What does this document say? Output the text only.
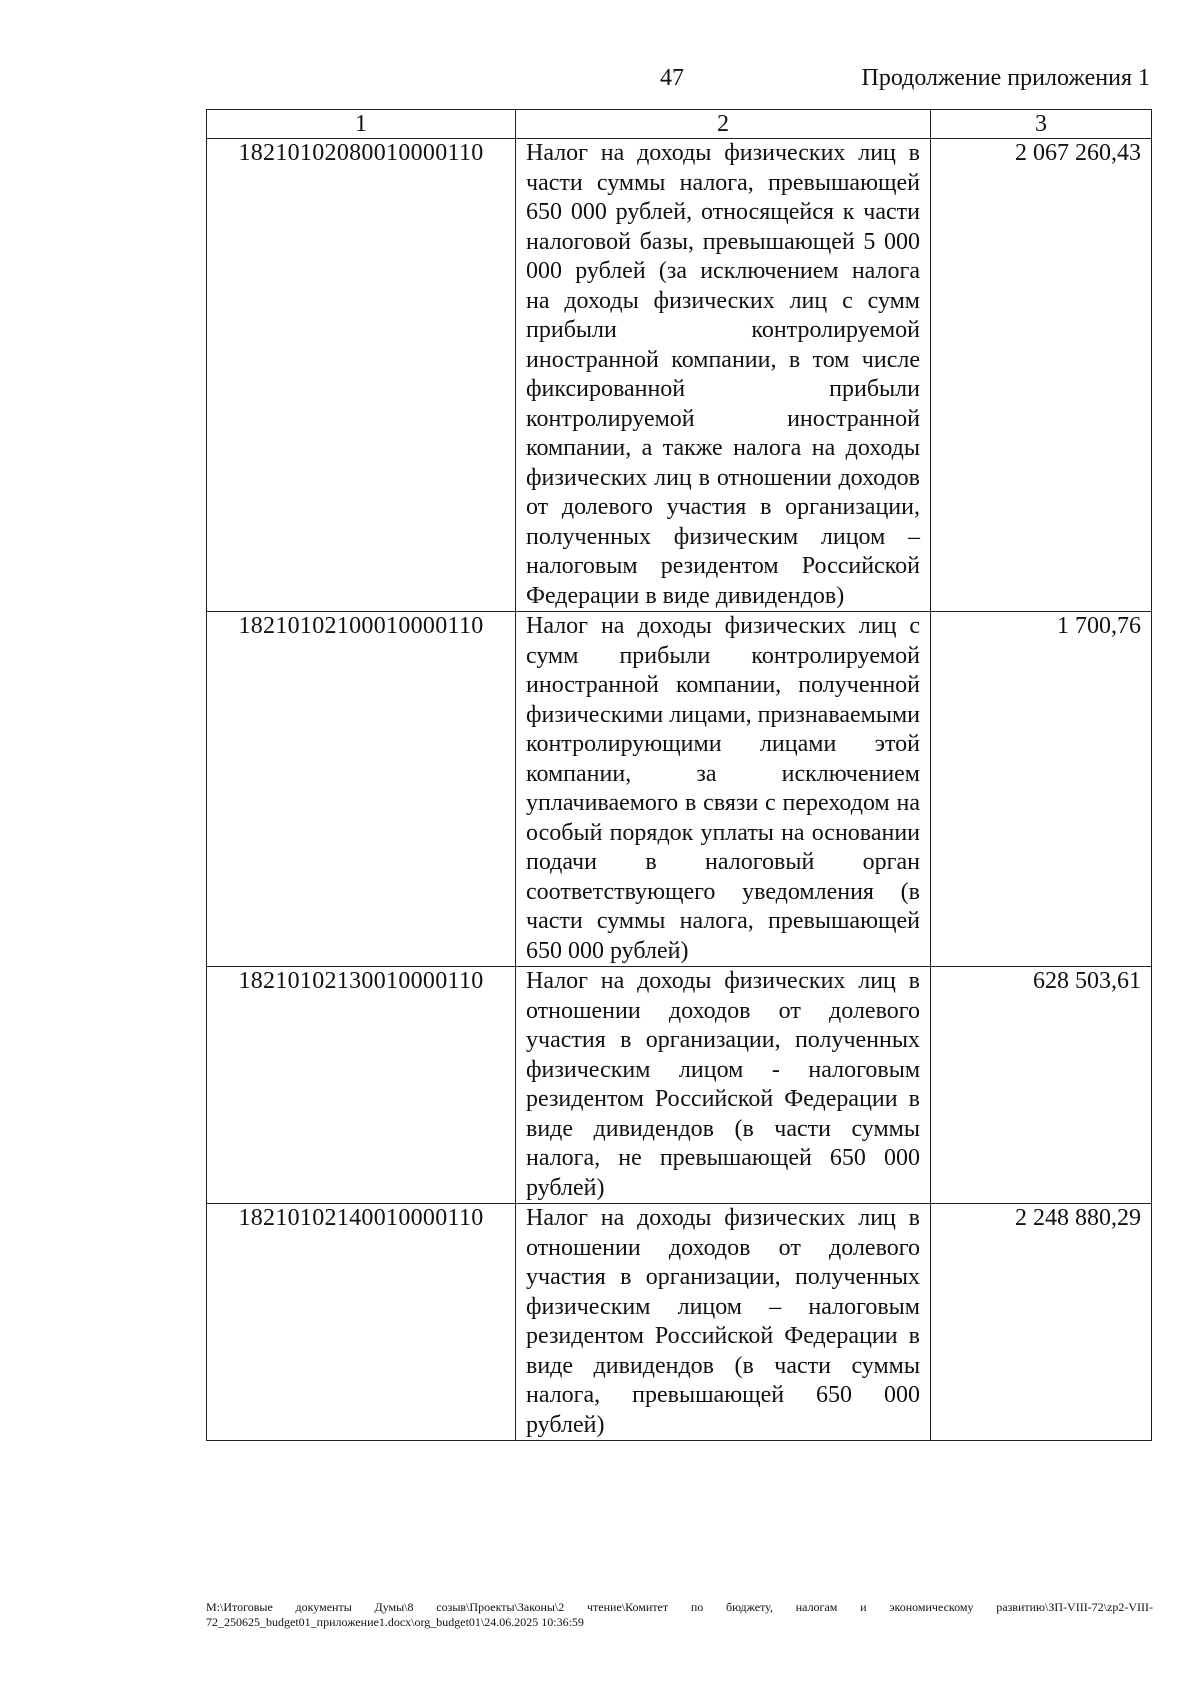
47	Продолжение приложения 1
1	2	3
18210102080010000110	Налог на доходы физических лиц в части суммы налога, превышающей 650 000 рублей, относящейся к части налоговой базы, превышающей 5 000 000 рублей (за исключением налога на доходы физических лиц с сумм прибыли контролируемой иностранной компании, в том числе фиксированной прибыли контролируемой иностранной компании, а также налога на доходы физических лиц в отношении доходов от долевого участия в организации, полученных физическим лицом – налоговым резидентом Российской Федерации в виде дивидендов)	2 067 260,43
18210102100010000110	Налог на доходы физических лиц с сумм прибыли контролируемой иностранной компании, полученной физическими лицами, признаваемыми контролирующими лицами этой компании, за исключением уплачиваемого в связи с переходом на особый порядок уплаты на основании подачи в налоговый орган соответствующего уведомления (в части суммы налога, превышающей 650 000 рублей)	1 700,76
18210102130010000110	Налог на доходы физических лиц в отношении доходов от долевого участия в организации, полученных физическим лицом - налоговым резидентом Российской Федерации в виде дивидендов (в части суммы налога, не превышающей 650 000 рублей)	628 503,61
18210102140010000110	Налог на доходы физических лиц в отношении доходов от долевого участия в организации, полученных физическим лицом – налоговым резидентом Российской Федерации в виде дивидендов (в части суммы налога, превышающей 650 000 рублей)	2 248 880,29
M:\Итоговые документы Думы\8 созыв\Проекты\Законы\2 чтение\Комитет по бюджету, налогам и экономическому развитию\ЗП-VIII-72\zp2-VIII-72_250625_budget01_приложение1.docx\org_budget01\24.06.2025 10:36:59
